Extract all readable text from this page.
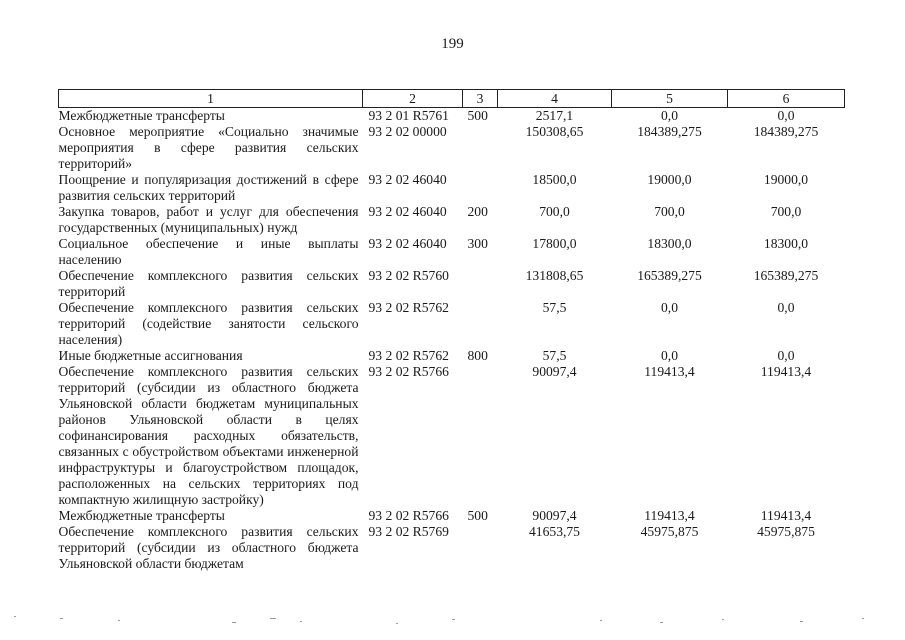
199
1	2	3	4	5	6
Межбюджетные трансферты	93 2 01 R5761	500	2517,1	0,0	0,0
Основное мероприятие «Социально значимые мероприятия в сфере развития сельских территорий»	93 2 02 00000		150308,65	184389,275	184389,275
Поощрение и популяризация достижений в сфере развития сельских территорий	93 2 02 46040		18500,0	19000,0	19000,0
Закупка товаров, работ и услуг для обеспечения государственных (муниципальных) нужд	93 2 02 46040	200	700,0	700,0	700,0
Социальное обеспечение и иные выплаты населению	93 2 02 46040	300	17800,0	18300,0	18300,0
Обеспечение комплексного развития сельских территорий	93 2 02 R5760		131808,65	165389,275	165389,275
Обеспечение комплексного развития сельских территорий (содействие занятости сельского населения)	93 2 02 R5762		57,5	0,0	0,0
Иные бюджетные ассигнования	93 2 02 R5762	800	57,5	0,0	0,0
Обеспечение комплексного развития сельских территорий (субсидии из областного бюджета Ульяновской области бюджетам муниципальных районов Ульяновской области в целях софинансирования расходных обязательств, связанных с обустройством объектами инженерной инфраструктуры и благоустройством площадок, расположенных на сельских территориях под компактную жилищную застройку)	93 2 02 R5766		90097,4	119413,4	119413,4
Межбюджетные трансферты	93 2 02 R5766	500	90097,4	119413,4	119413,4
Обеспечение комплексного развития сельских территорий (субсидии из областного бюджета Ульяновской области бюджетам	93 2 02 R5769		41653,75	45975,875	45975,875
